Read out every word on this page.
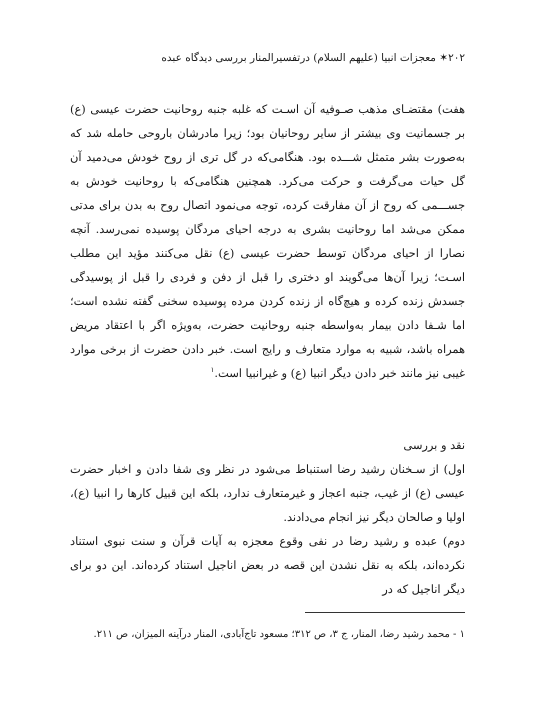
۲۰۲✶ معجزات انبیا (علیهم السلام) درتفسیرالمنار بررسی دیدگاه عبده

هفت) مقتضـای مذهب صـوفیه آن اسـت که غلبه جنبه روحانیت حضرت عیسی (ع) بر جسمانیت وی بیشتر از سایر روحانیان بود؛ زیرا مادرشان باروحی حامله شد که به‌صورت بشر متمثل شـــده بود. هنگامی‌که در گل تری از روح خودش می‌دمید آن گل حیات می‌گرفت و حرکت می‌کرد. همچنین هنگامی‌که با روحانیت خودش به جســـمی که روح از آن مفارقت کرده، توجه می‌نمود اتصال روح به بدن برای مدتی ممکن می‌شد اما روحانیت بشری به درجه احیای مردگان پوسیده نمی‌رسد. آنچه نصارا از احیای مردگان توسط حضرت عیسی (ع) نقل می‌کنند مؤید این مطلب اسـت؛ زیرا آن‌ها می‌گویند او دختری را قبل از دفن و فردی را قبل از پوسیدگی جسدش زنده کرده و هیچ‌گاه از زنده کردن مرده پوسیده سخنی گفته نشده است؛ اما شـفا دادن بیمار به‌واسطه جنبه روحانیت حضرت، به‌ویژه اگر با اعتقاد مریض همراه باشد، شبیه به موارد متعارف و رایج است. خبر دادن حضرت از برخی موارد غیبی نیز مانند خبر دادن دیگر انبیا (ع) و غیرانبیا است.$^۱$

نقد و بررسی

اول) از سـخنان رشید رضا استنباط می‌شود در نظر وی شفا دادن و اخبار حضرت عیسی (ع) از غیب، جنبه اعجاز و غیرمتعارف ندارد، بلکه این قبیل کارها را انبیا (ع)، اولیا و صالحان دیگر نیز انجام می‌دادند.

دوم) عبده و رشید رضا در نفی وقوع معجزه به آیات قرآن و سنت نبوی استناد نکرده‌اند، بلکه به نقل نشدن این قصه در بعض اناجیل استناد کرده‌اند. این دو برای دیگر اناجیل که در

۱ - محمد رشید رضا، المنار، ج ۳، ص ۳۱۲؛ مسعود تاج‌آبادی، المنار درآینه المیزان، ص ۲۱۱.
